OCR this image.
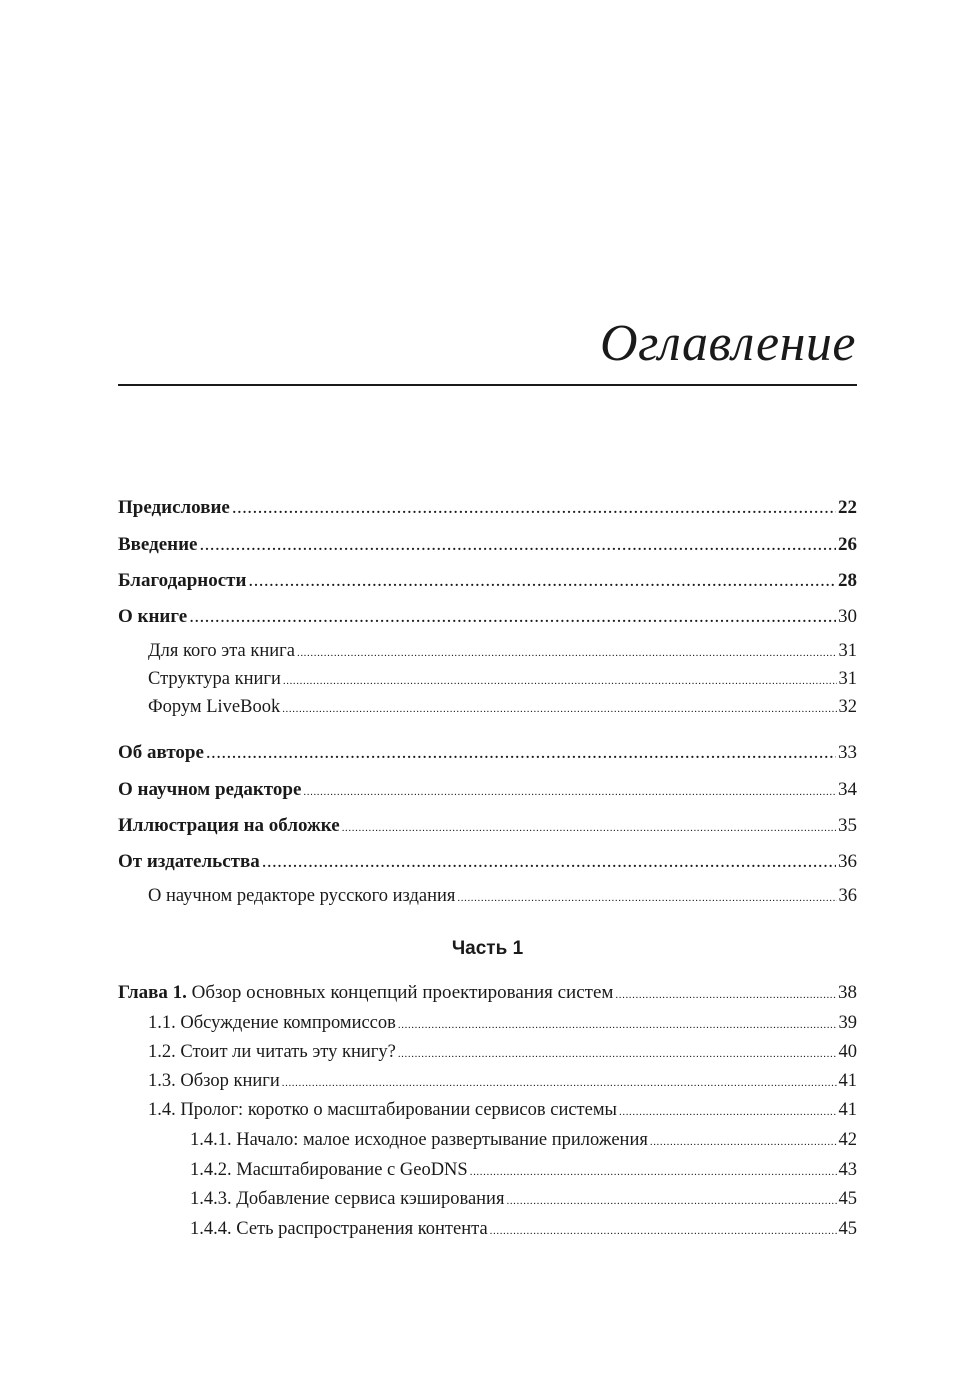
Оглавление
Предисловие .....	22
Введение .....	26
Благодарности .....	28
О книге .....	30
Для кого эта книга .....	31
Структура книги .....	31
Форум LiveBook .....	32
Об авторе .....	33
О научном редакторе .....	34
Иллюстрация на обложке .....	35
От издательства .....	36
О научном редакторе русского издания .....	36
Часть 1
Глава 1. Обзор основных концепций проектирования систем .....	38
1.1. Обсуждение компромиссов .....	39
1.2. Стоит ли читать эту книгу? .....	40
1.3. Обзор книги .....	41
1.4. Пролог: коротко о масштабировании сервисов системы .....	41
1.4.1. Начало: малое исходное развертывание приложения .....	42
1.4.2. Масштабирование с GeoDNS .....	43
1.4.3. Добавление сервиса кэширования .....	45
1.4.4. Сеть распространения контента .....	45
